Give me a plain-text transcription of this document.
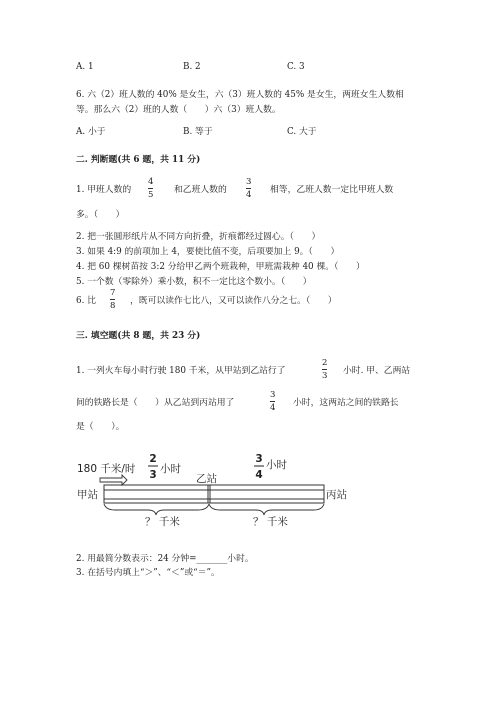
A. 1	B. 2	C. 3
6. 六（2）班人数的 40% 是女生，六（3）班人数的 45% 是女生，两班女生人数相
等。那么六（2）班的人数（　　）六（3）班人数。
A. 小于	B. 等于	C. 大于
二. 判断题(共 6 题，共 11 分)
1. 甲班人数的
4
5 和乙班人数的
3
4 相等，乙班人数一定比甲班人数
多。（　　）
2. 把一张圆形纸片从不同方向折叠，折痕都经过圆心。（　　）
3. 如果 4:9 的前项加上 4，要使比值不变，后项要加上 9。（　　）
4. 把 60 棵树苗按 3:2 分给甲乙两个班栽种，甲班需栽种 40 棵。（　　）
5. 一个数（零除外）乘小数，积不一定比这个数小。（　　）
6. 比
7
8 ，既可以读作七比八，又可以读作八分之七。（　　）
三. 填空题(共 8 题，共 23 分)
1. 一列火车每小时行驶 180 千米，从甲站到乙站行了
2
3 小时. 甲、乙两站
间的铁路长是（　　）从乙站到丙站用了
3
4 小时，这两站之间的铁路长
是（　　）。
180 千米/时
2
3 小时
乙站
3
4
小时
甲站	丙站
？ 千米	？ 千米
2. 用最简分数表示：24 分钟=_______小时。
3. 在括号内填上“＞”、“＜”或“＝”。
